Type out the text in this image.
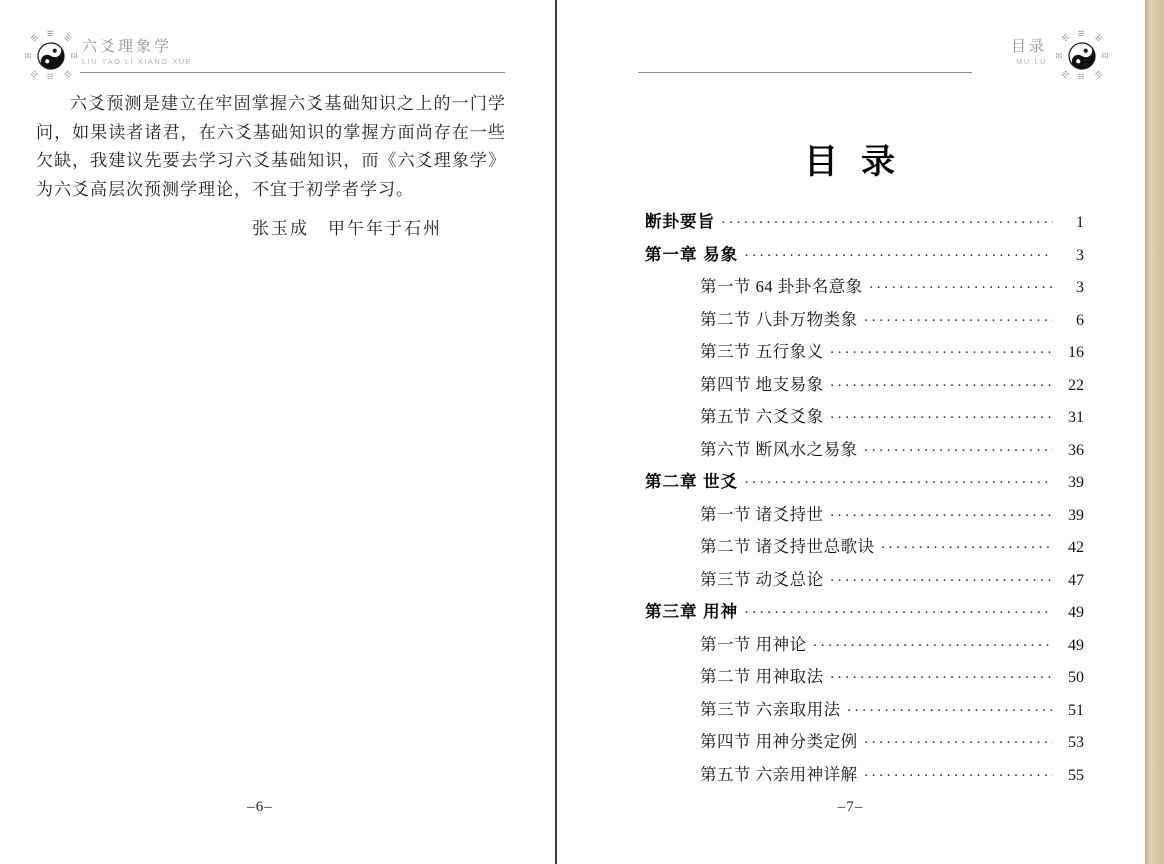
☰
☷
☵
☲
☴
☱
☶
☳
六爻理象学
LIU YAO LI XIANG XUE
六爻预测是建立在牢固掌握六爻基础知识之上的一门学问，如果读者诸君，在六爻基础知识的掌握方面尚存在一些欠缺，我建议先要去学习六爻基础知识，而《六爻理象学》为六爻高层次预测学理论，不宜于初学者学习。
张玉成　甲午年于石州
–6–
目录
MU LU
☰
☷
☵
☲
☴
☱
☶
☳
目  录
断卦要旨 ·····	1
第一章 易象 ·····	3
第一节 64 卦卦名意象 ·····	3
第二节 八卦万物类象 ·····	6
第三节 五行象义 ·····	16
第四节 地支易象 ·····	22
第五节 六爻爻象 ·····	31
第六节 断风水之易象 ·····	36
第二章 世爻 ·····	39
第一节 诸爻持世 ·····	39
第二节 诸爻持世总歌诀 ·····	42
第三节 动爻总论 ·····	47
第三章 用神 ·····	49
第一节 用神论 ·····	49
第二节 用神取法 ·····	50
第三节 六亲取用法 ·····	51
第四节 用神分类定例 ·····	53
第五节 六亲用神详解 ·····	55
–7–
